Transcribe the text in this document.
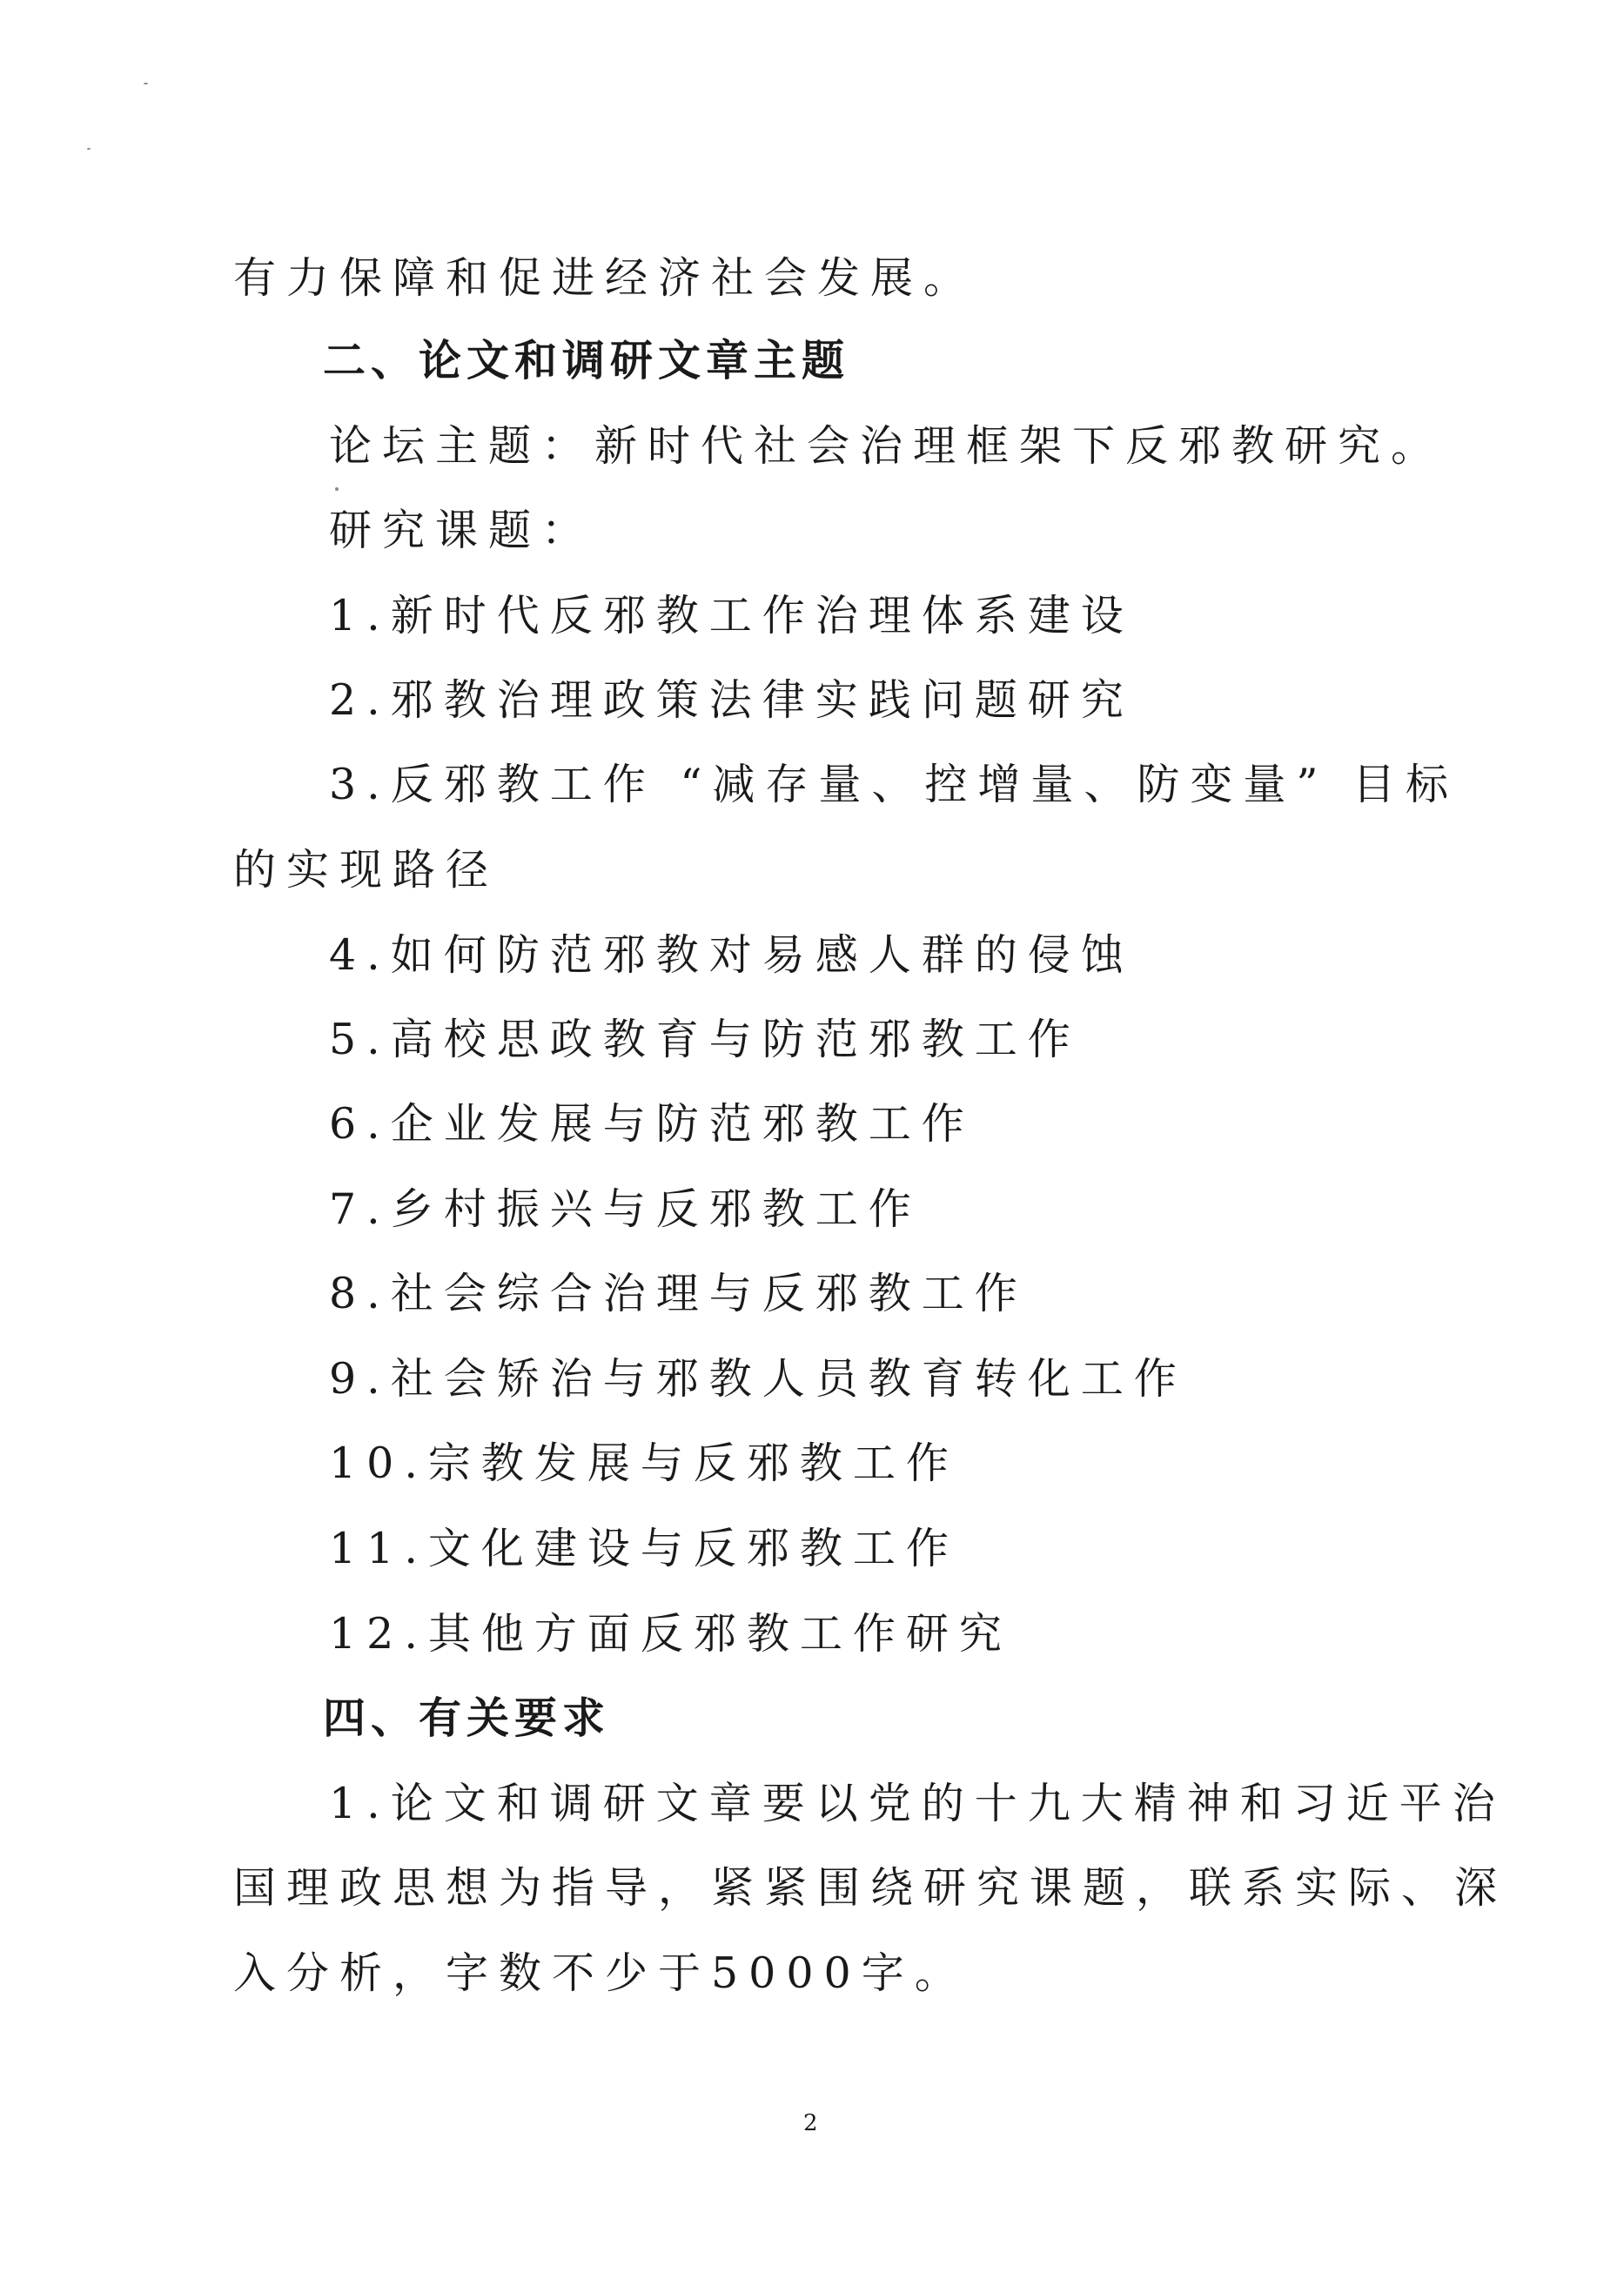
有力保障和促进经济社会发展。
二、论文和调研文章主题
论坛主题：新时代社会治理框架下反邪教研究。
研究课题：
1.新时代反邪教工作治理体系建设
2.邪教治理政策法律实践问题研究
3.反邪教工作 “减存量、控增量、防变量” 目标
的实现路径
4.如何防范邪教对易感人群的侵蚀
5.高校思政教育与防范邪教工作
6.企业发展与防范邪教工作
7.乡村振兴与反邪教工作
8.社会综合治理与反邪教工作
9.社会矫治与邪教人员教育转化工作
10.宗教发展与反邪教工作
11.文化建设与反邪教工作
12.其他方面反邪教工作研究
四、有关要求
1.论文和调研文章要以党的十九大精神和习近平治
国理政思想为指导，紧紧围绕研究课题，联系实际、深
入分析，字数不少于5000字。
2
